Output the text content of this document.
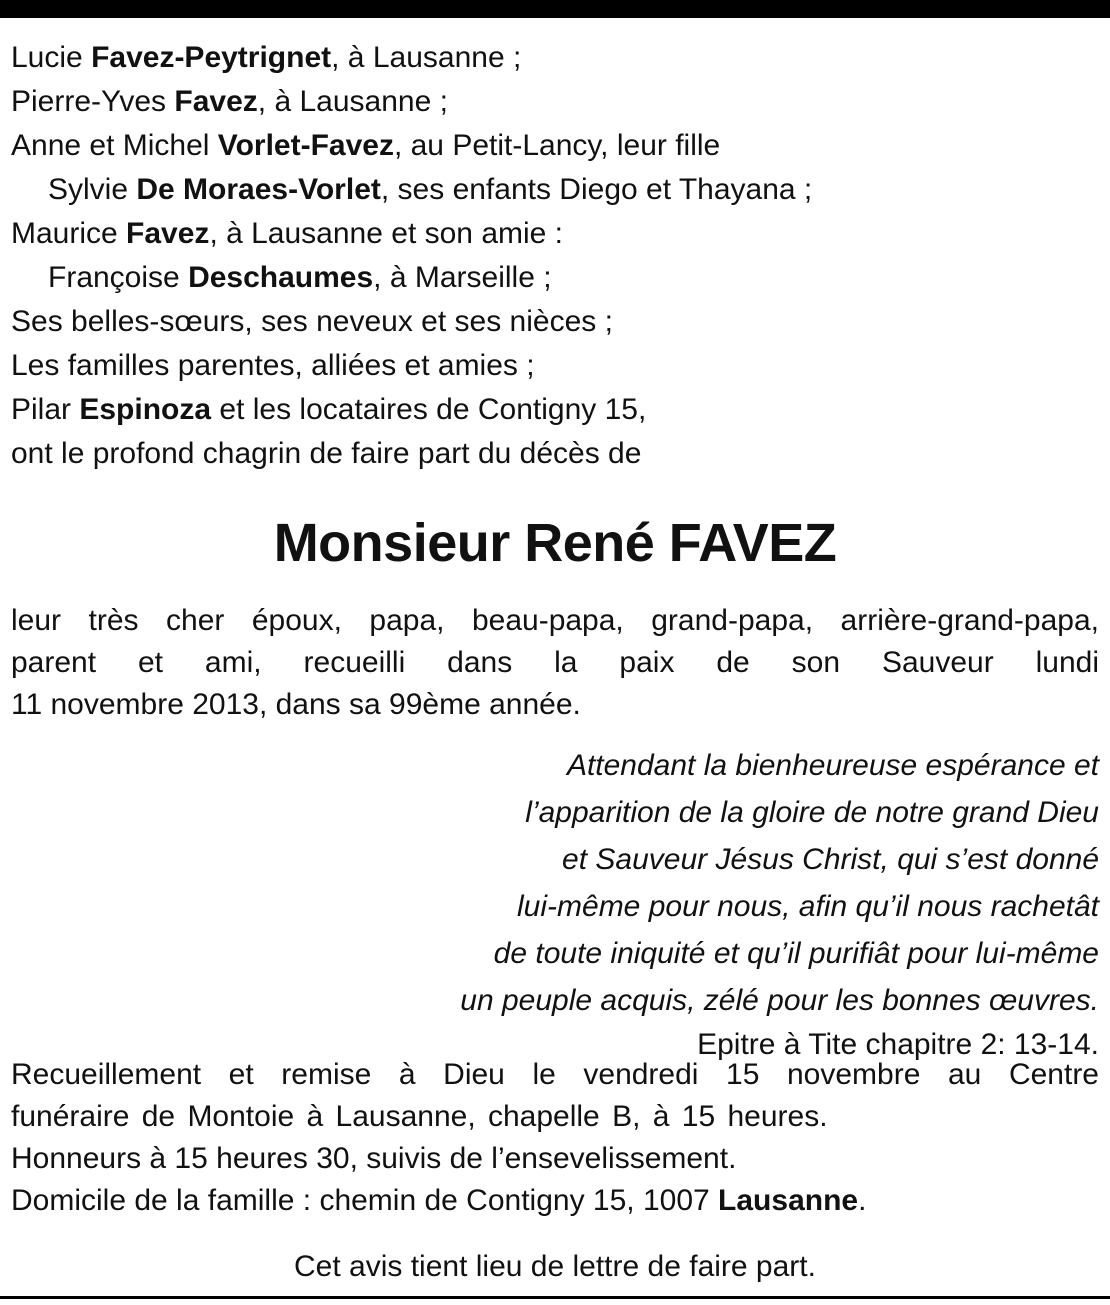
Lucie Favez-Peytrignet, à Lausanne ;
Pierre-Yves Favez, à Lausanne ;
Anne et Michel Vorlet-Favez, au Petit-Lancy, leur fille
Sylvie De Moraes-Vorlet, ses enfants Diego et Thayana ;
Maurice Favez, à Lausanne et son amie :
Françoise Deschaumes, à Marseille ;
Ses belles-sœurs, ses neveux et ses nièces ;
Les familles parentes, alliées et amies ;
Pilar Espinoza et les locataires de Contigny 15,
ont le profond chagrin de faire part du décès de
Monsieur René FAVEZ
leur très cher époux, papa, beau-papa, grand-papa, arrière-grand-papa,
parent et ami, recueilli dans la paix de son Sauveur lundi
11 novembre 2013, dans sa 99ème année.
Attendant la bienheureuse espérance et
l’apparition de la gloire de notre grand Dieu
et Sauveur Jésus Christ, qui s’est donné
lui-même pour nous, afin qu’il nous rachetât
de toute iniquité et qu’il purifiât pour lui-même
un peuple acquis, zélé pour les bonnes œuvres.
Epitre à Tite chapitre 2: 13-14.
Recueillement et remise à Dieu le vendredi 15 novembre au Centre
funéraire de Montoie à Lausanne, chapelle B, à 15 heures.
Honneurs à 15 heures 30, suivis de l’ensevelissement.
Domicile de la famille : chemin de Contigny 15, 1007 Lausanne.
Cet avis tient lieu de lettre de faire part.
